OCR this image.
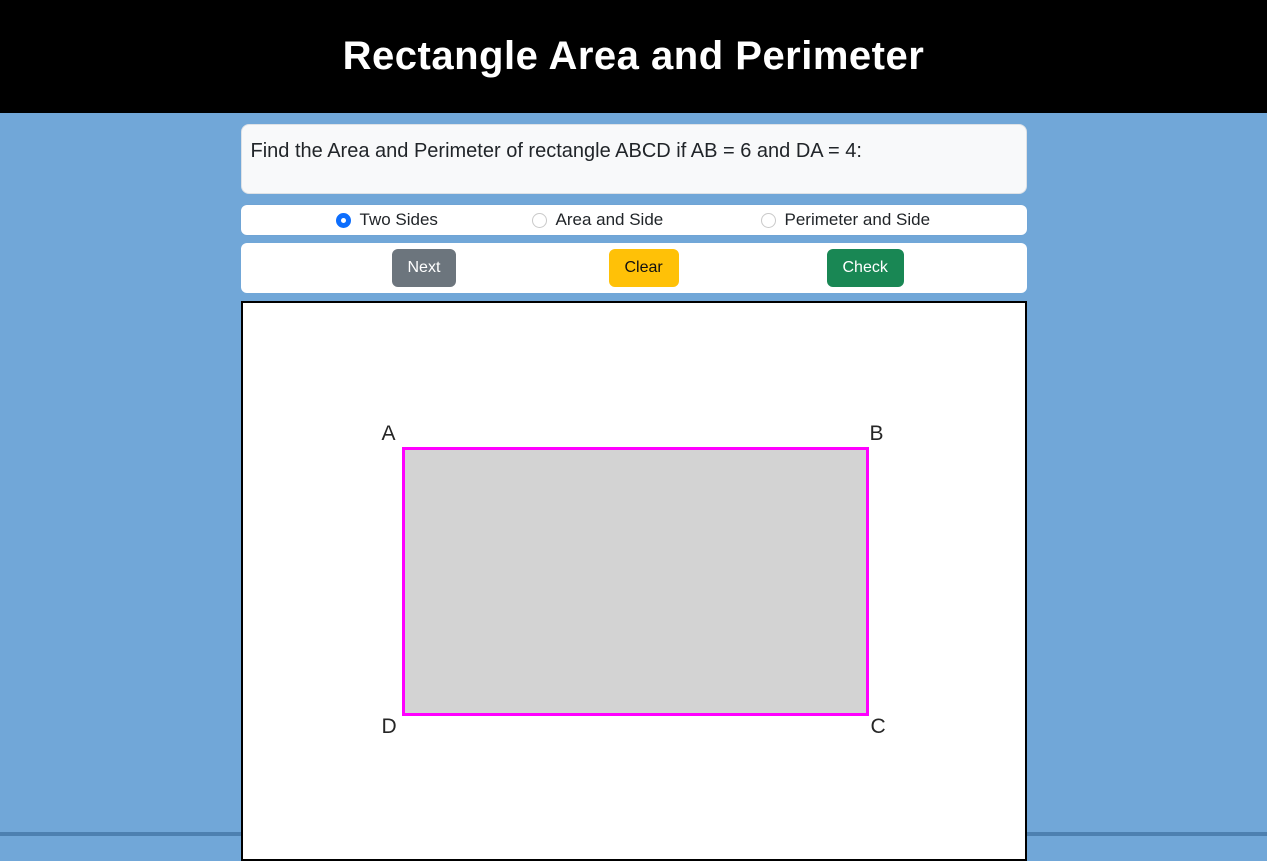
Rectangle Area and Perimeter
Find the Area and Perimeter of rectangle ABCD if AB = 6 and DA = 4:
Two Sides	Area and Side	Perimeter and Side
Next	Clear	Check
A	B
C
D
